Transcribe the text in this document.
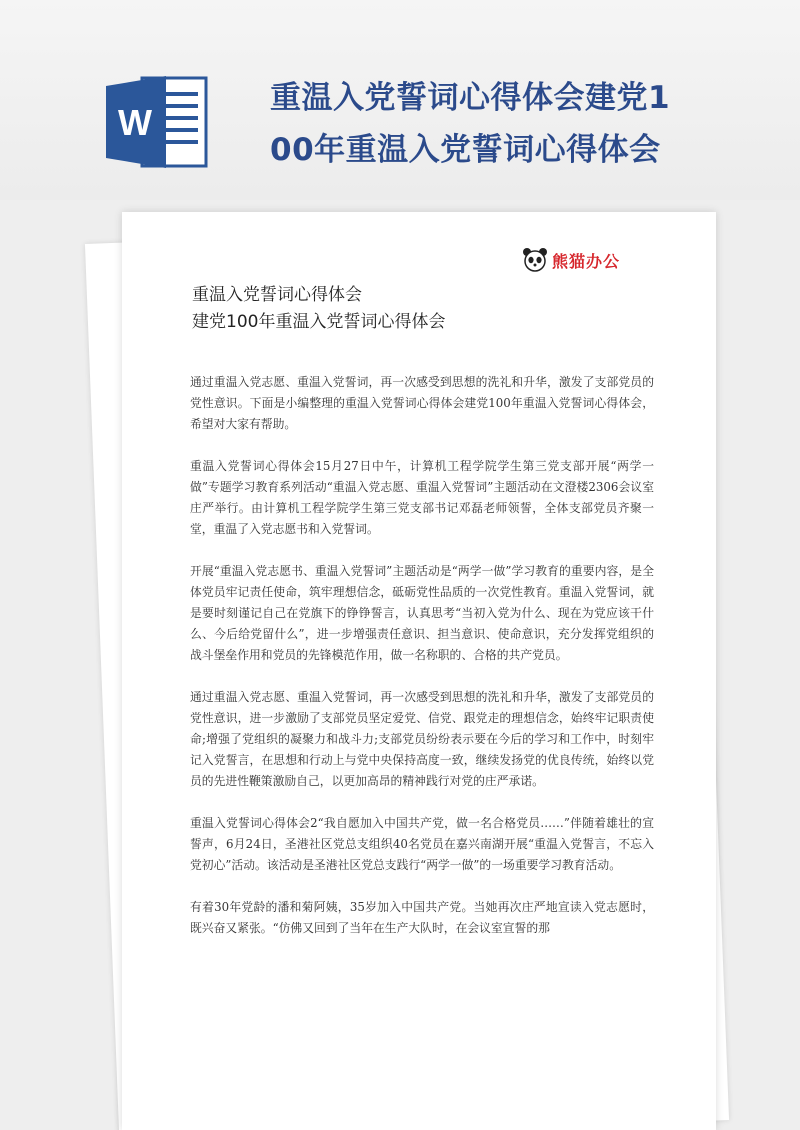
W
重温入党誓词心得体会建党100年重温入党誓词心得体会
熊猫办公
重温入党誓词心得体会
建党100年重温入党誓词心得体会

通过重温入党志愿、重温入党誓词，再一次感受到思想的洗礼和升华，激发了支部党员的党性意识。下面是小编整理的重温入党誓词心得体会建党100年重温入党誓词心得体会，希望对大家有帮助。

重温入党誓词心得体会15月27日中午，计算机工程学院学生第三党支部开展“两学一做”专题学习教育系列活动“重温入党志愿、重温入党誓词”主题活动在文澄楼2306会议室庄严举行。由计算机工程学院学生第三党支部书记邓磊老师领誓，全体支部党员齐聚一堂，重温了入党志愿书和入党誓词。

开展“重温入党志愿书、重温入党誓词”主题活动是“两学一做”学习教育的重要内容，是全体党员牢记责任使命，筑牢理想信念，砥砺党性品质的一次党性教育。重温入党誓词，就是要时刻谨记自己在党旗下的铮铮誓言，认真思考“当初入党为什么、现在为党应该干什么、今后给党留什么”，进一步增强责任意识、担当意识、使命意识，充分发挥党组织的战斗堡垒作用和党员的先锋模范作用，做一名称职的、合格的共产党员。

通过重温入党志愿、重温入党誓词，再一次感受到思想的洗礼和升华，激发了支部党员的党性意识，进一步激励了支部党员坚定爱党、信党、跟党走的理想信念，始终牢记职责使命;增强了党组织的凝聚力和战斗力;支部党员纷纷表示要在今后的学习和工作中，时刻牢记入党誓言，在思想和行动上与党中央保持高度一致，继续发扬党的优良传统，始终以党员的先进性鞭策激励自己，以更加高昂的精神践行对党的庄严承诺。

重温入党誓词心得体会2“我自愿加入中国共产党，做一名合格党员……”伴随着雄壮的宣誓声，6月24日，圣港社区党总支组织40名党员在嘉兴南湖开展“重温入党誓言，不忘入党初心”活动。该活动是圣港社区党总支践行“两学一做”的一场重要学习教育活动。

有着30年党龄的潘和菊阿姨，35岁加入中国共产党。当她再次庄严地宣读入党志愿时，既兴奋又紧张。“仿佛又回到了当年在生产大队时，在会议室宣誓的那
